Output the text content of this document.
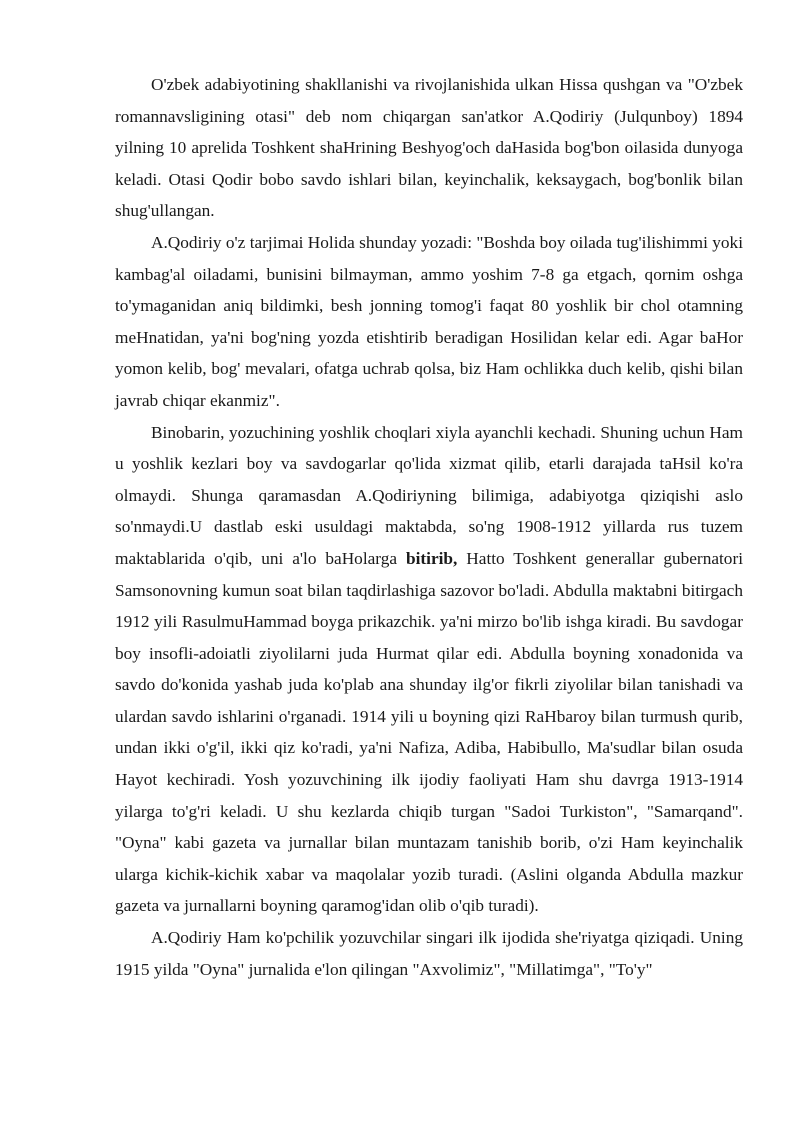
O'zbek adabiyotining shakllanishi va rivojlanishida ulkan Hissa qushgan va "O'zbek romannavsligining otasi" deb nom chiqargan san'atkor A.Qodiriy (Julqunboy) 1894 yilning 10 aprelida Toshkent shaHrining Beshyog'och daHasida bog'bon oilasida dunyoga keladi. Otasi Qodir bobo savdo ishlari bilan, keyinchalik, keksaygach, bog'bonlik bilan shug'ullangan.

A.Qodiriy o'z tarjimai Holida shunday yozadi: "Boshda boy oilada tug'ilishimmi yoki kambag'al oiladami, bunisini bilmayman, ammo yoshim 7-8 ga etgach, qornim oshga to'ymaganidan aniq bildimki, besh jonning tomog'i faqat 80 yoshlik bir chol otamning meHnatidan, ya'ni bog'ning yozda etishtirib beradigan Hosilidan kelar edi. Agar baHor yomon kelib, bog' mevalari, ofatga uchrab qolsa, biz Ham ochlikka duch kelib, qishi bilan javrab chiqar ekanmiz".

Binobarin, yozuchining yoshlik choqlari xiyla ayanchli kechadi. Shuning uchun Ham u yoshlik kezlari boy va savdogarlar qo'lida xizmat qilib, etarli darajada taHsil ko'ra olmaydi. Shunga qaramasdan A.Qodiriyning bilimiga, adabiyotga qiziqishi aslo so'nmaydi.U dastlab eski usuldagi maktabda, so'ng 1908-1912 yillarda rus tuzem maktablarida o'qib, uni a'lo baHolarga bitirib, Hatto Toshkent generallar gubernatori Samsonovning kumun soat bilan taqdirlashiga sazovor bo'ladi. Abdulla maktabni bitirgach 1912 yili RasulmuHammad boyga prikazchik. ya'ni mirzo bo'lib ishga kiradi. Bu savdogar boy insofli-adoiatli ziyolilarni juda Hurmat qilar edi. Abdulla boyning xonadonida va savdo do'konida yashab juda ko'plab ana shunday ilg'or fikrli ziyolilar bilan tanishadi va ulardan savdo ishlarini o'rganadi. 1914 yili u boyning qizi RaHbaroy bilan turmush qurib, undan ikki o'g'il, ikki qiz ko'radi, ya'ni Nafiza, Adiba, Habibullo, Ma'sudlar bilan osuda Hayot kechiradi. Yosh yozuvchining ilk ijodiy faoliyati Ham shu davrga 1913-1914 yilarga to'g'ri keladi. U shu kezlarda chiqib turgan "Sadoi Turkiston", "Samarqand". "Oyna" kabi gazeta va jurnallar bilan muntazam tanishib borib, o'zi Ham keyinchalik ularga kichik-kichik xabar va maqolalar yozib turadi. (Aslini olganda Abdulla mazkur gazeta va jurnallarni boyning qaramog'idan olib o'qib turadi).

A.Qodiriy Ham ko'pchilik yozuvchilar singari ilk ijodida she'riyatga qiziqadi. Uning 1915 yilda "Oyna" jurnalida e'lon qilingan "Axvolimiz", "Millatimga", "To'y"
